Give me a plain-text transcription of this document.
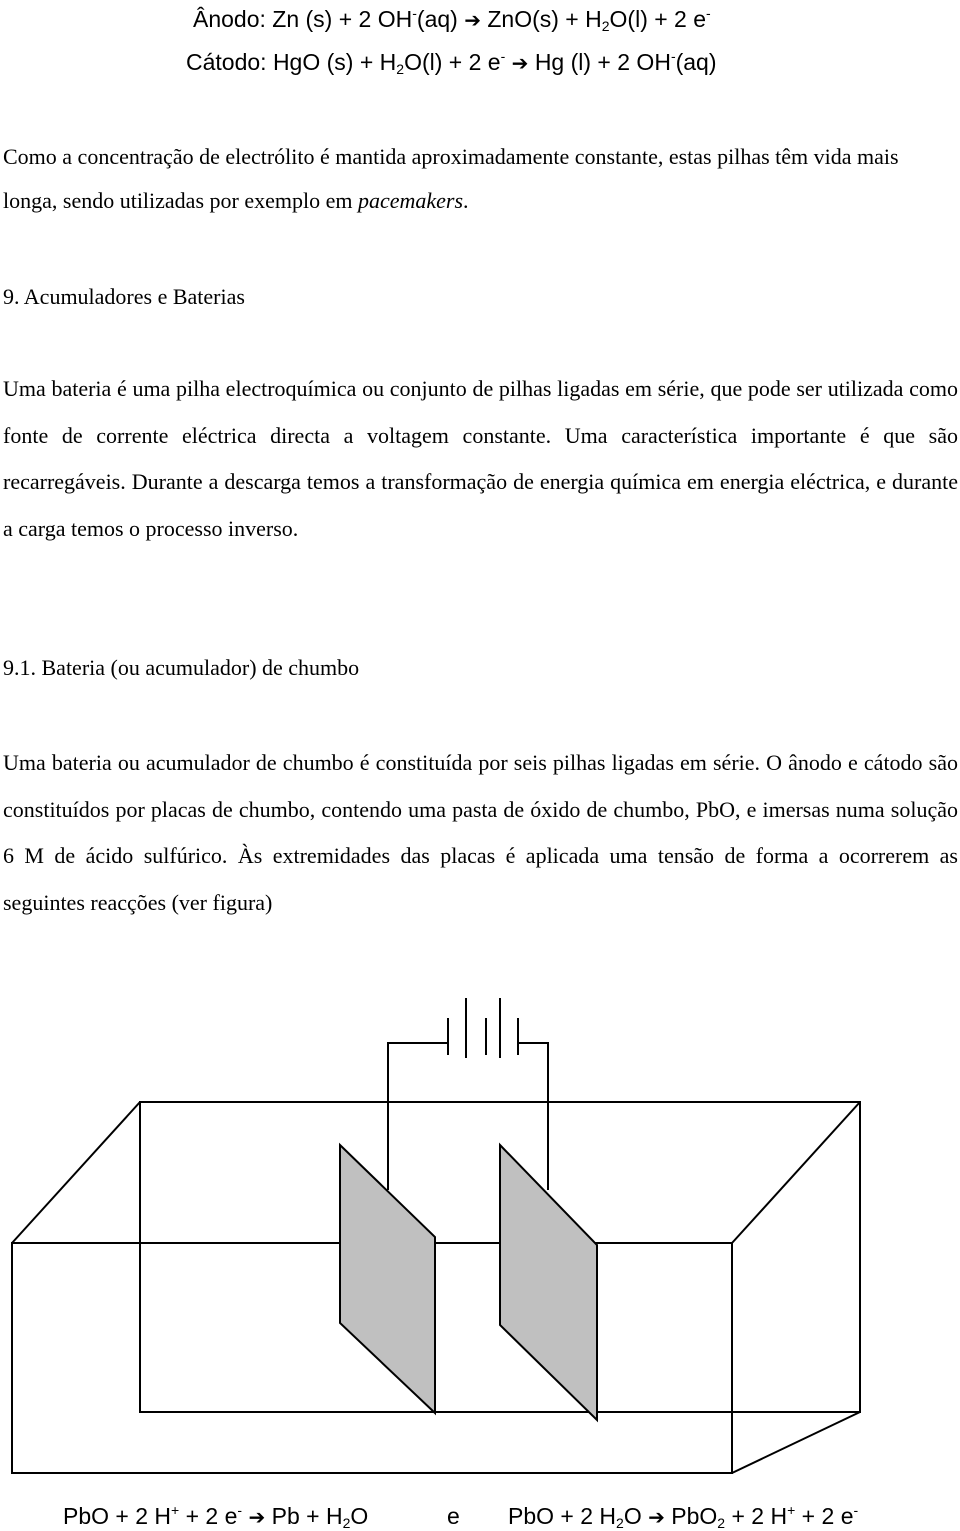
Ânodo: Zn (s) + 2 OH-(aq) ➔ $ZnO(s) + H_2O(l) + 2$ e-
Cátodo: HgO $(s) + H_2O(l) + 2$ e- ➔ Hg (l) + 2 OH-(aq)

Como a concentração de electrólito é mantida aproximadamente constante, estas pilhas têm vida mais longa, sendo utilizadas por exemplo em pacemakers.

9. Acumuladores e Baterias

Uma bateria é uma pilha electroquímica ou conjunto de pilhas ligadas em série, que pode ser utilizada como fonte de corrente eléctrica directa a voltagem constante. Uma característica importante é que são recarregáveis. Durante a descarga temos a transformação de energia química em energia eléctrica, e durante a carga temos o processo inverso.

9.1. Bateria (ou acumulador) de chumbo

Uma bateria ou acumulador de chumbo é constituída por seis pilhas ligadas em série. O ânodo e cátodo são constituídos por placas de chumbo, contendo uma pasta de óxido de chumbo, PbO, e imersas numa solução 6 M de ácido sulfúrico. Às extremidades das placas é aplicada uma tensão de forma a ocorrerem as seguintes reacções (ver figura)

PbO + 2 H+ + 2 e- ➔ $Pb + H_2O$	e PbO + 2 $H_2O$ ➔ PbO$_2$ + 2 H+ + 2 e-
